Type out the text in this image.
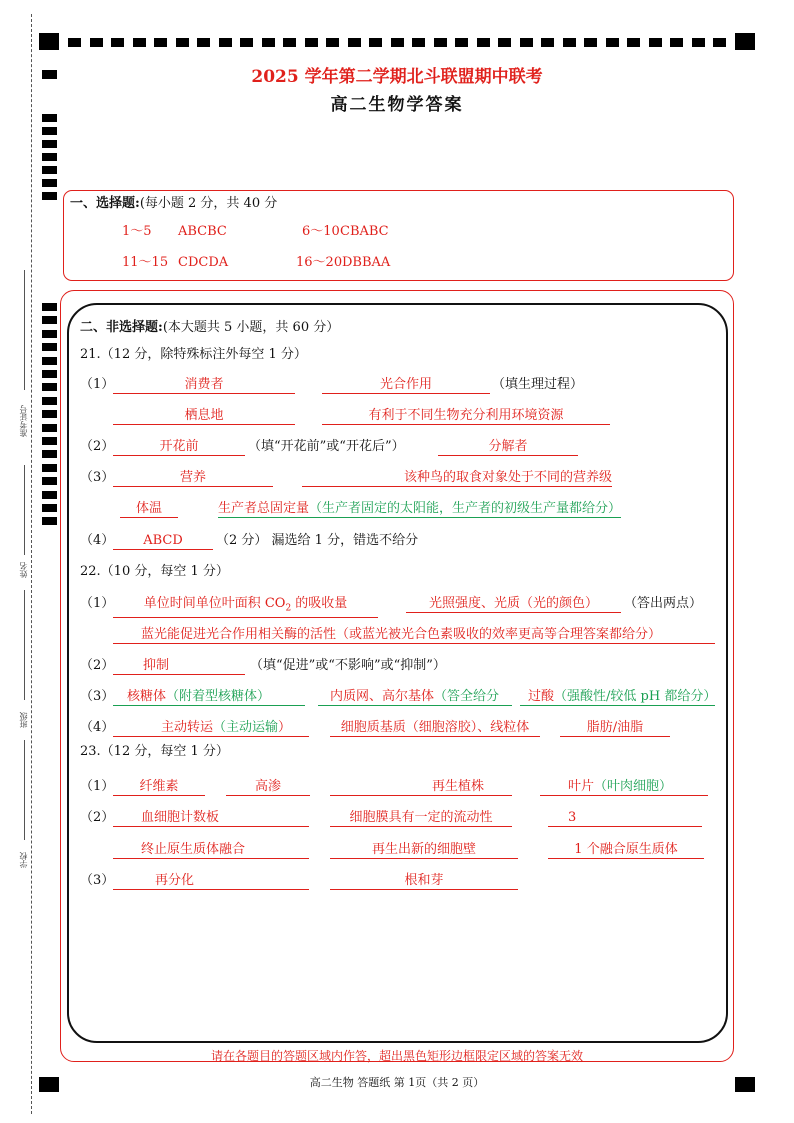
准考证号
姓名
班级
学校
2025 学年第二学期北斗联盟期中联考
高二生物学答案
一、选择题:(每小题 2 分，共 40 分
1～5 ABCBC	6～10 CBABC
11～15 CDCDA	16～20 DBBAA
二、非选择题:(本大题共 5 小题，共 60 分）
21.（12 分，除特殊标注外每空 1 分）
（1）	消费者	光合作用	（填生理过程）
栖息地	有利于不同生物充分利用环境资源
（2）	开花前	（填“开花前”或“开花后”）	分解者
（3）	营养	该种鸟的取食对象处于不同的营养级
体温	生产者总固定量（生产者固定的太阳能，生产者的初级生产量都给分）
（4）	ABCD	（2 分） 漏选给 1 分，错选不给分
22.（10 分，每空 1 分）
（1）	单位时间单位叶面积 $CO_2$ 的吸收量	光照强度、光质（光的颜色）	（答出两点）
蓝光能促进光合作用相关酶的活性（或蓝光被光合色素吸收的效率更高等合理答案都给分）
（2）	抑制	（填“促进”或“不影响”或“抑制”）
（3） 核糖体（附着型核糖体）	内质网、高尔基体（答全给分	过酸（强酸性/较低 pH 都给分）
（4）	主动转运（主动运输）	细胞质基质（细胞溶胶）、线粒体	脂肪/油脂
23.（12 分，每空 1 分）
（1）	纤维素	高渗	再生植株	叶片（叶肉细胞）
（2）	血细胞计数板	细胞膜具有一定的流动性	3
终止原生质体融合	再生出新的细胞壁	1 个融合原生质体
（3）	再分化	根和芽
请在各题目的答题区域内作答，超出黑色矩形边框限定区域的答案无效
高二生物 答题纸 第 1页（共 2 页）
